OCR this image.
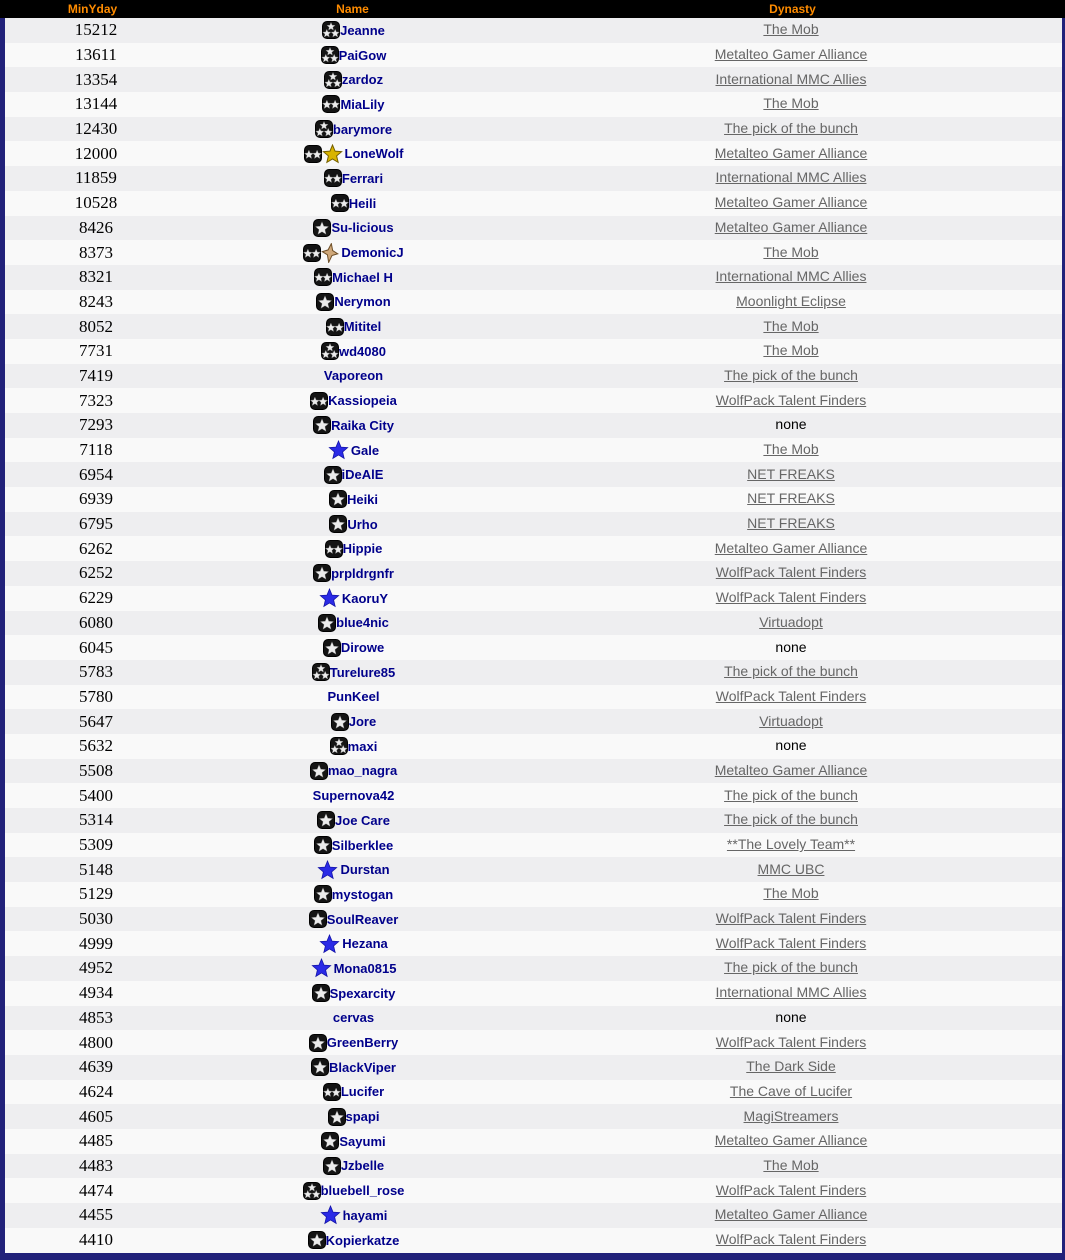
MinYday	Name	Dynasty
15212	Jeanne	The Mob
13611	PaiGow	Metalteo Gamer Alliance
13354	zardoz	International MMC Allies
13144	MiaLily	The Mob
12430	barymore	The pick of the bunch
12000	LoneWolf	Metalteo Gamer Alliance
11859	Ferrari	International MMC Allies
10528	Heili	Metalteo Gamer Alliance
8426	Su-licious	Metalteo Gamer Alliance
8373	DemonicJ	The Mob
8321	Michael H	International MMC Allies
8243	Nerymon	Moonlight Eclipse
8052	Mititel	The Mob
7731	wd4080	The Mob
7419	Vaporeon	The pick of the bunch
7323	Kassiopeia	WolfPack Talent Finders
7293	Raika City	none
7118	Gale	The Mob
6954	iDeAlE	NET FREAKS
6939	Heiki	NET FREAKS
6795	Urho	NET FREAKS
6262	Hippie	Metalteo Gamer Alliance
6252	prpldrgnfr	WolfPack Talent Finders
6229	KaoruY	WolfPack Talent Finders
6080	blue4nic	Virtuadopt
6045	Dirowe	none
5783	Turelure85	The pick of the bunch
5780	PunKeel	WolfPack Talent Finders
5647	Jore	Virtuadopt
5632	maxi	none
5508	mao_nagra	Metalteo Gamer Alliance
5400	Supernova42	The pick of the bunch
5314	Joe Care	The pick of the bunch
5309	Silberklee	**The Lovely Team**
5148	Durstan	MMC UBC
5129	mystogan	The Mob
5030	SoulReaver	WolfPack Talent Finders
4999	Hezana	WolfPack Talent Finders
4952	Mona0815	The pick of the bunch
4934	Spexarcity	International MMC Allies
4853	cervas	none
4800	GreenBerry	WolfPack Talent Finders
4639	BlackViper	The Dark Side
4624	Lucifer	The Cave of Lucifer
4605	spapi	MagiStreamers
4485	Sayumi	Metalteo Gamer Alliance
4483	Jzbelle	The Mob
4474	bluebell_rose	WolfPack Talent Finders
4455	hayami	Metalteo Gamer Alliance
4410	Kopierkatze	WolfPack Talent Finders
